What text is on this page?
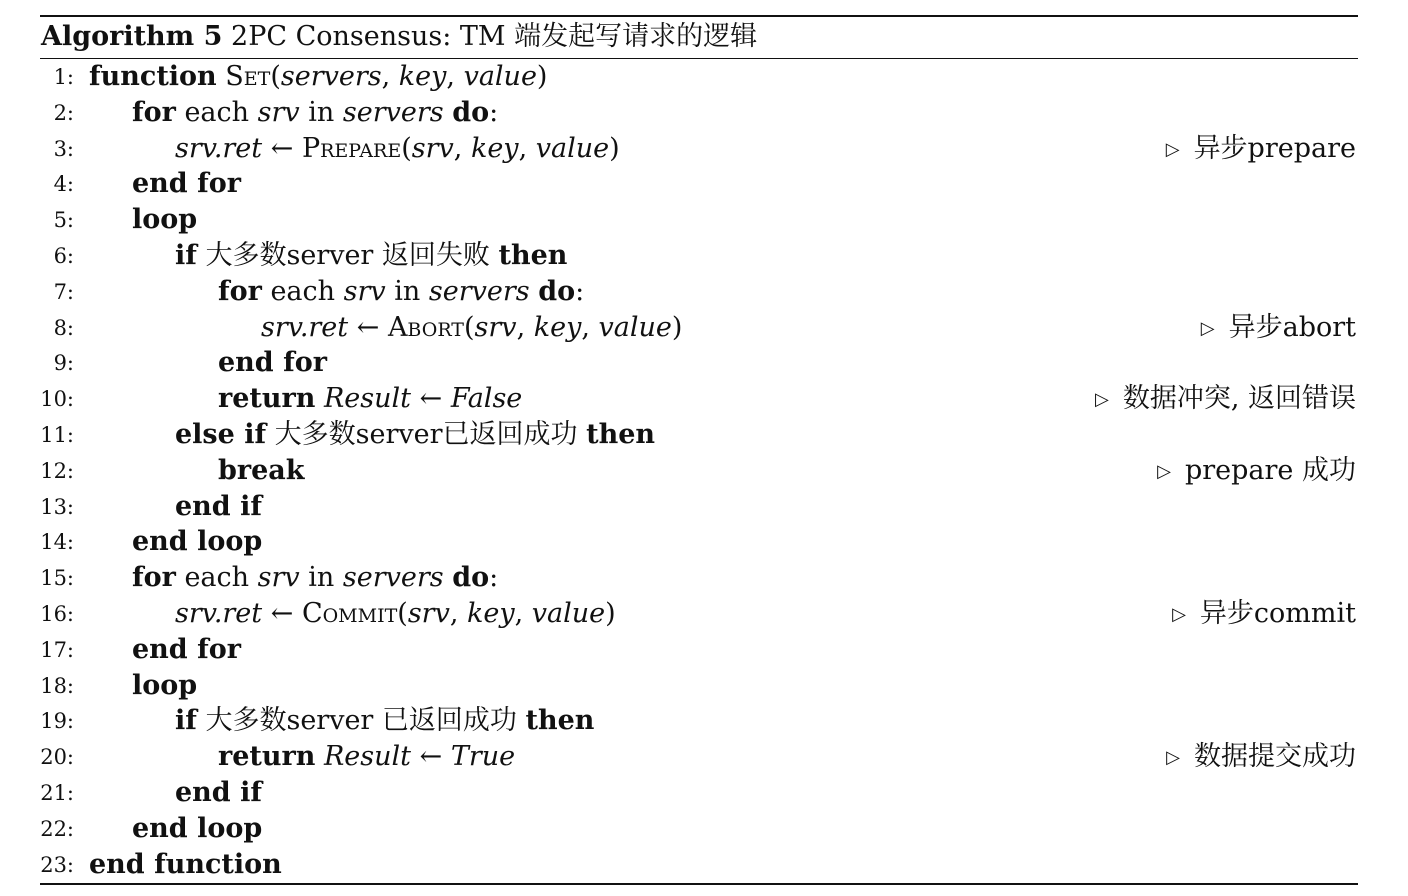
Algorithm 5 2PC Consensus: TM 端发起写请求的逻辑
1: function Set(servers, key, value)
2: for each srv in servers do:
3:	srv.ret ← Prepare(srv, key, value)	▷ 异步prepare
4: end for
5: loop
6:	if 大多数server 返回失败 then
7:	for each srv in servers do:
8:	srv.ret ← Abort(srv, key, value)	▷ 异步abort
9:	end for
10:	return Result ← False	▷ 数据冲突, 返回错误
11:	else if 大多数server已返回成功 then
12:	break	▷ prepare 成功
13:	end if
14: end loop
15: for each srv in servers do:
16:	srv.ret ← Commit(srv, key, value)	▷ 异步commit
17: end for
18: loop
19:	if 大多数server 已返回成功 then
20:	return Result ← True	▷ 数据提交成功
21:	end if
22: end loop
23: end function
